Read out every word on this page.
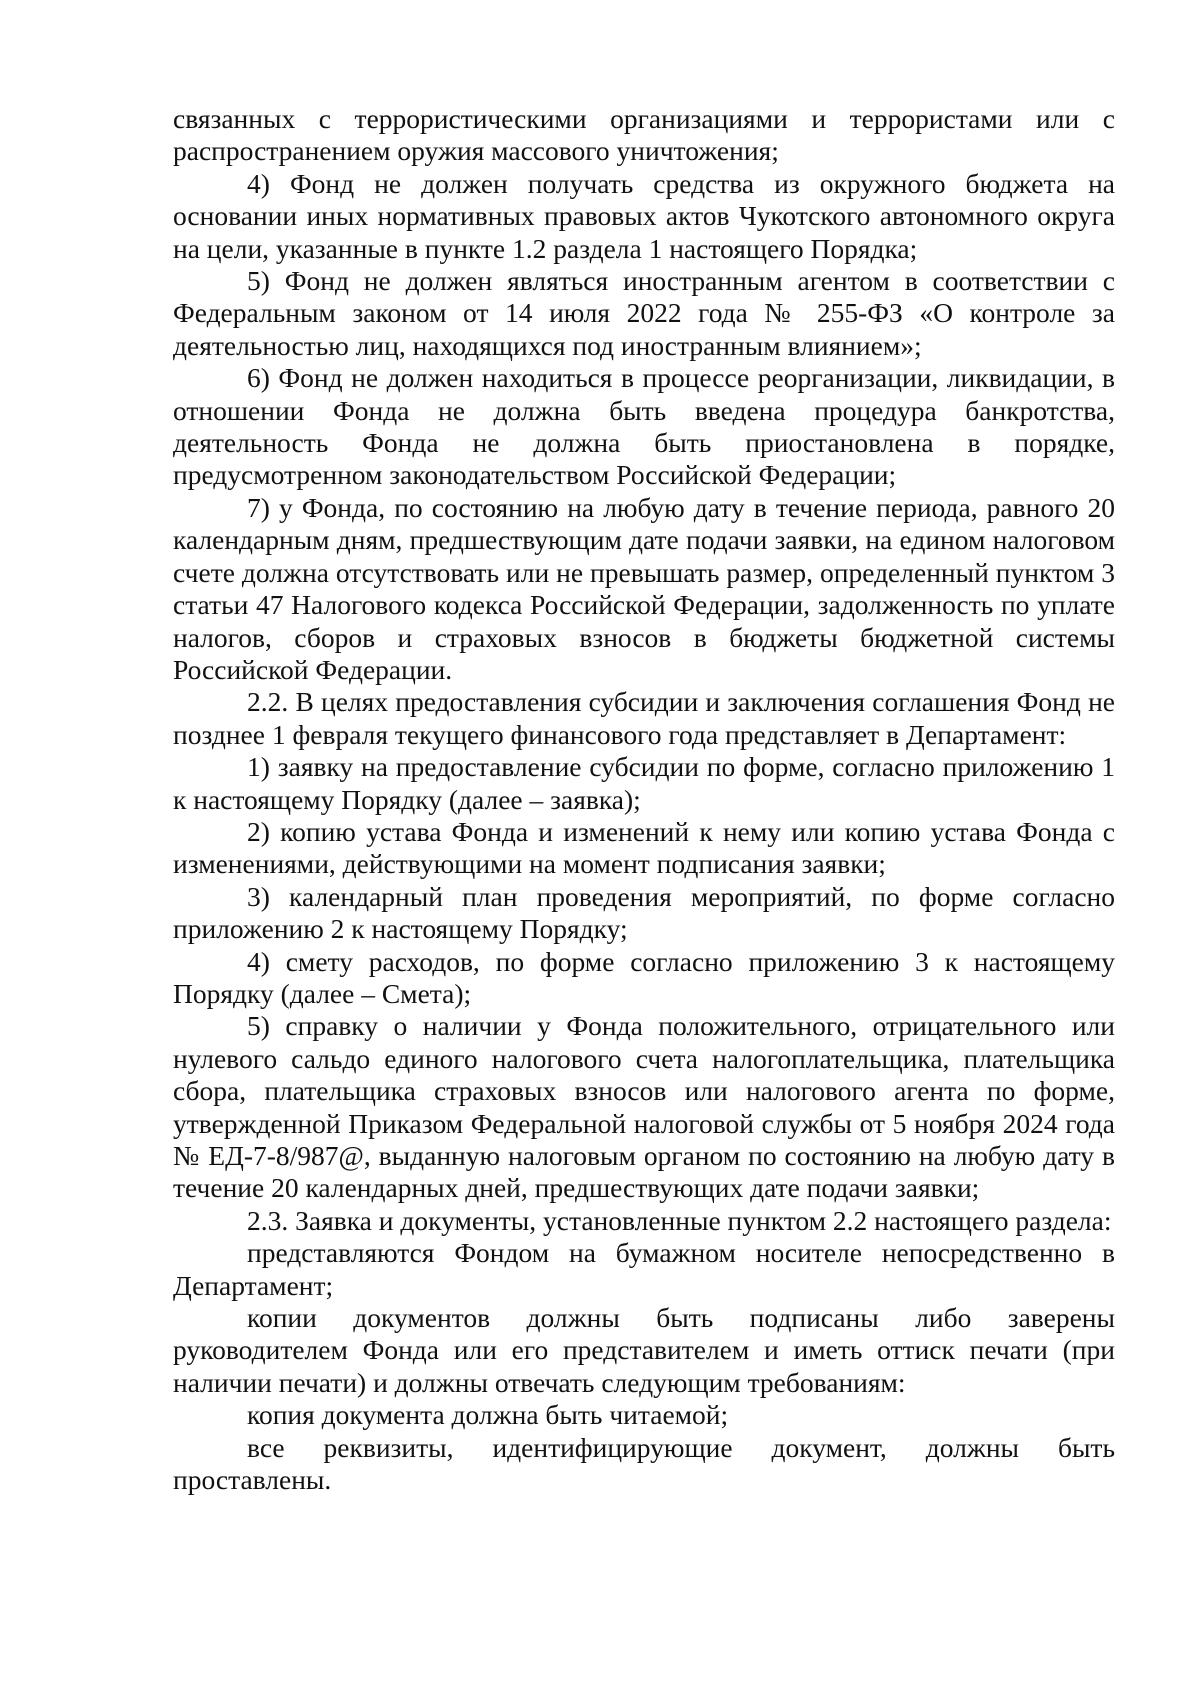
связанных с террористическими организациями и террористами или с распространением оружия массового уничтожения;

4) Фонд не должен получать средства из окружного бюджета на основании иных нормативных правовых актов Чукотского автономного округа на цели, указанные в пункте 1.2 раздела 1 настоящего Порядка;

5) Фонд не должен являться иностранным агентом в соответствии с Федеральным законом от 14 июля 2022 года № 255-ФЗ «О контроле за деятельностью лиц, находящихся под иностранным влиянием»;

6) Фонд не должен находиться в процессе реорганизации, ликвидации, в отношении Фонда не должна быть введена процедура банкротства, деятельность Фонда не должна быть приостановлена в порядке, предусмотренном законодательством Российской Федерации;

7) у Фонда, по состоянию на любую дату в течение периода, равного 20 календарным дням, предшествующим дате подачи заявки, на едином налоговом счете должна отсутствовать или не превышать размер, определенный пунктом 3 статьи 47 Налогового кодекса Российской Федерации, задолженность по уплате налогов, сборов и страховых взносов в бюджеты бюджетной системы Российской Федерации.

2.2. В целях предоставления субсидии и заключения соглашения Фонд не позднее 1 февраля текущего финансового года представляет в Департамент:

1) заявку на предоставление субсидии по форме, согласно приложению 1 к настоящему Порядку (далее – заявка);

2) копию устава Фонда и изменений к нему или копию устава Фонда с изменениями, действующими на момент подписания заявки;

3) календарный план проведения мероприятий, по форме согласно приложению 2 к настоящему Порядку;

4) смету расходов, по форме согласно приложению 3 к настоящему Порядку (далее – Смета);

5) справку о наличии у Фонда положительного, отрицательного или нулевого сальдо единого налогового счета налогоплательщика, плательщика сбора, плательщика страховых взносов или налогового агента по форме, утвержденной Приказом Федеральной налоговой службы от 5 ноября 2024 года № ЕД-7-8/987@, выданную налоговым органом по состоянию на любую дату в течение 20 календарных дней, предшествующих дате подачи заявки;

2.3. Заявка и документы, установленные пунктом 2.2 настоящего раздела:

представляются Фондом на бумажном носителе непосредственно в Департамент;

копии документов должны быть подписаны либо заверены руководителем Фонда или его представителем и иметь оттиск печати (при наличии печати) и должны отвечать следующим требованиям:

копия документа должна быть читаемой;

все реквизиты, идентифицирующие документ, должны быть проставлены.
